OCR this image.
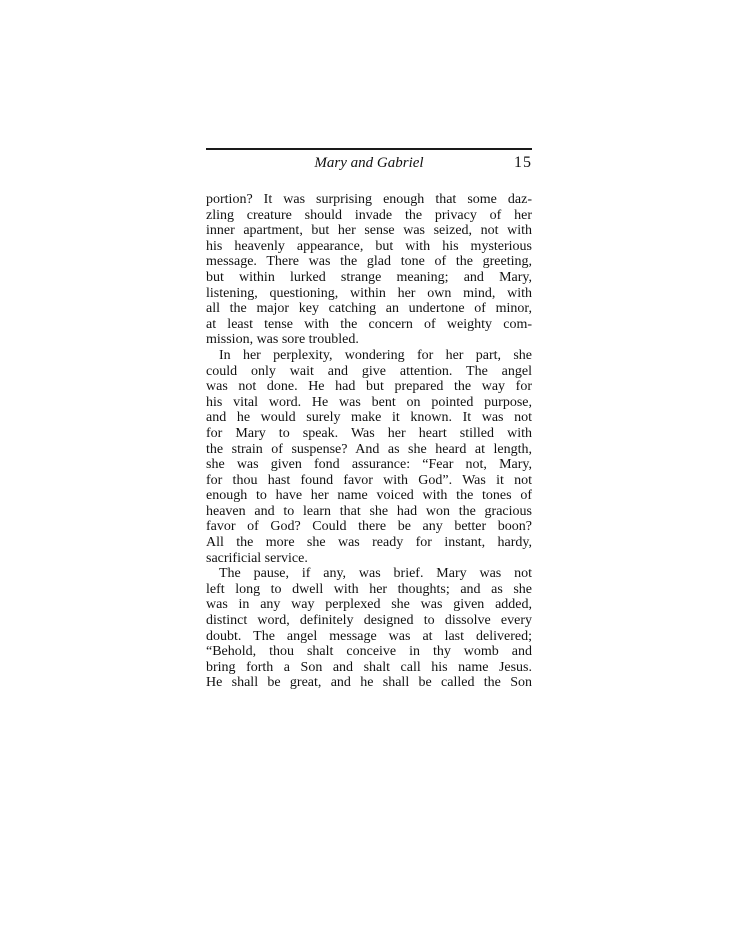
Mary and Gabriel	15
portion? It was surprising enough that some daz-
zling creature should invade the privacy of her
inner apartment, but her sense was seized, not with
his heavenly appearance, but with his mysterious
message. There was the glad tone of the greeting,
but within lurked strange meaning; and Mary,
listening, questioning, within her own mind, with
all the major key catching an undertone of minor,
at least tense with the concern of weighty com-
mission, was sore troubled.
In her perplexity, wondering for her part, she
could only wait and give attention. The angel
was not done. He had but prepared the way for
his vital word. He was bent on pointed purpose,
and he would surely make it known. It was not
for Mary to speak. Was her heart stilled with
the strain of suspense? And as she heard at length,
she was given fond assurance: “Fear not, Mary,
for thou hast found favor with God”. Was it not
enough to have her name voiced with the tones of
heaven and to learn that she had won the gracious
favor of God? Could there be any better boon?
All the more she was ready for instant, hardy,
sacrificial service.
The pause, if any, was brief. Mary was not
left long to dwell with her thoughts; and as she
was in any way perplexed she was given added,
distinct word, definitely designed to dissolve every
doubt. The angel message was at last delivered;
“Behold, thou shalt conceive in thy womb and
bring forth a Son and shalt call his name Jesus.
He shall be great, and he shall be called the Son
